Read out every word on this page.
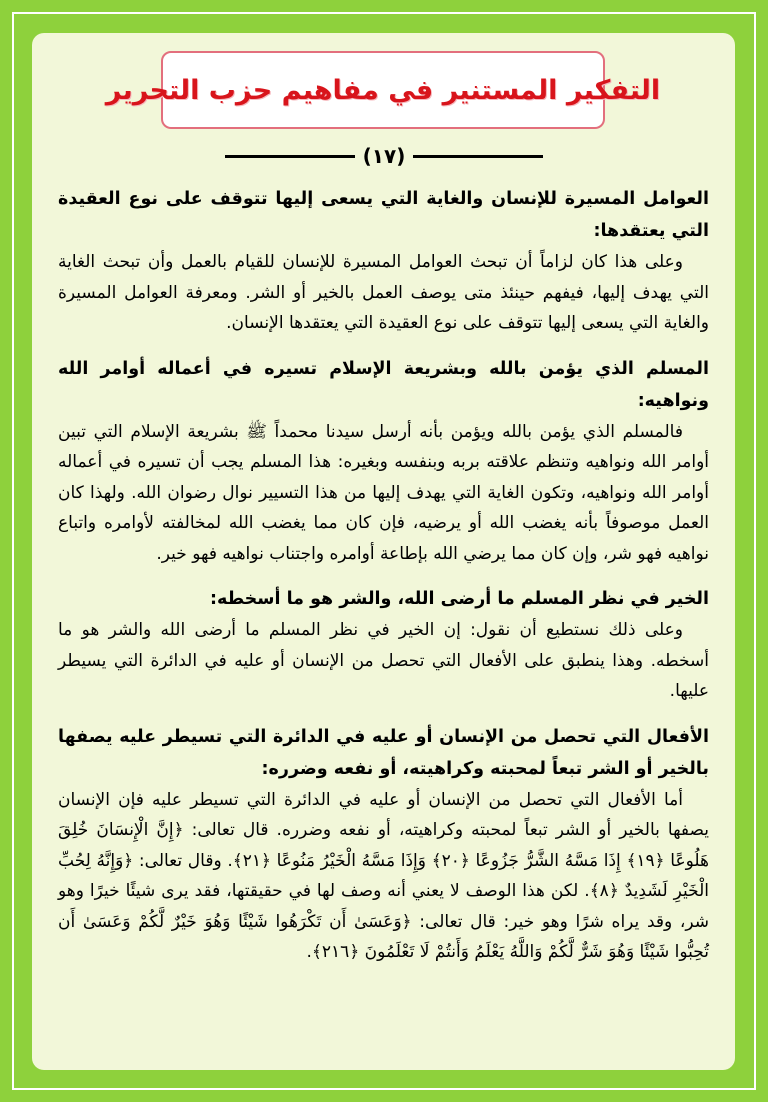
التفكير المستنير في مفاهيم حزب التحرير
(١٧)

العوامل المسيرة للإنسان والغاية التي يسعى إليها تتوقف على نوع العقيدة التي يعتقدها:

وعلى هذا كان لزاماً أن تبحث العوامل المسيرة للإنسان للقيام بالعمل وأن تبحث الغاية التي يهدف إليها، فيفهم حينئذ متى يوصف العمل بالخير أو الشر. ومعرفة العوامل المسيرة والغاية التي يسعى إليها تتوقف على نوع العقيدة التي يعتقدها الإنسان.

المسلم الذي يؤمن بالله وبشريعة الإسلام تسيره في أعماله أوامر الله ونواهيه:

فالمسلم الذي يؤمن بالله ويؤمن بأنه أرسل سيدنا محمداً ﷺ بشريعة الإسلام التي تبين أوامر الله ونواهيه وتنظم علاقته بربه وبنفسه وبغيره: هذا المسلم يجب أن تسيره في أعماله أوامر الله ونواهيه، وتكون الغاية التي يهدف إليها من هذا التسيير نوال رضوان الله. ولهذا كان العمل موصوفاً بأنه يغضب الله أو يرضيه، فإن كان مما يغضب الله لمخالفته لأوامره واتباع نواهيه فهو شر، وإن كان مما يرضي الله بإطاعة أوامره واجتناب نواهيه فهو خير.

الخير في نظر المسلم ما أرضى الله، والشر هو ما أسخطه:

وعلى ذلك نستطيع أن نقول: إن الخير في نظر المسلم ما أرضى الله والشر هو ما أسخطه. وهذا ينطبق على الأفعال التي تحصل من الإنسان أو عليه في الدائرة التي يسيطر عليها.

الأفعال التي تحصل من الإنسان أو عليه في الدائرة التي تسيطر عليه يصفها بالخير أو الشر تبعاً لمحبته وكراهيته، أو نفعه وضرره:

أما الأفعال التي تحصل من الإنسان أو عليه في الدائرة التي تسيطر عليه فإن الإنسان يصفها بالخير أو الشر تبعاً لمحبته وكراهيته، أو نفعه وضرره. قال تعالى: ﴿إِنَّ الْإِنسَانَ خُلِقَ هَلُوعًا ﴿١٩﴾ إِذَا مَسَّهُ الشَّرُّ جَزُوعًا ﴿٢٠﴾ وَإِذَا مَسَّهُ الْخَيْرُ مَنُوعًا ﴿٢١﴾. وقال تعالى: ﴿وَإِنَّهُ لِحُبِّ الْخَيْرِ لَشَدِيدٌ ﴿٨﴾. لكن هذا الوصف لا يعني أنه وصف لها في حقيقتها، فقد يرى شيئًا خيرًا وهو شر، وقد يراه شرًا وهو خير: قال تعالى: ﴿وَعَسَىٰ أَن تَكْرَهُوا شَيْئًا وَهُوَ خَيْرٌ لَّكُمْ وَعَسَىٰ أَن تُحِبُّوا شَيْئًا وَهُوَ شَرٌّ لَّكُمْ وَاللَّهُ يَعْلَمُ وَأَنتُمْ لَا تَعْلَمُونَ ﴿٢١٦﴾.
